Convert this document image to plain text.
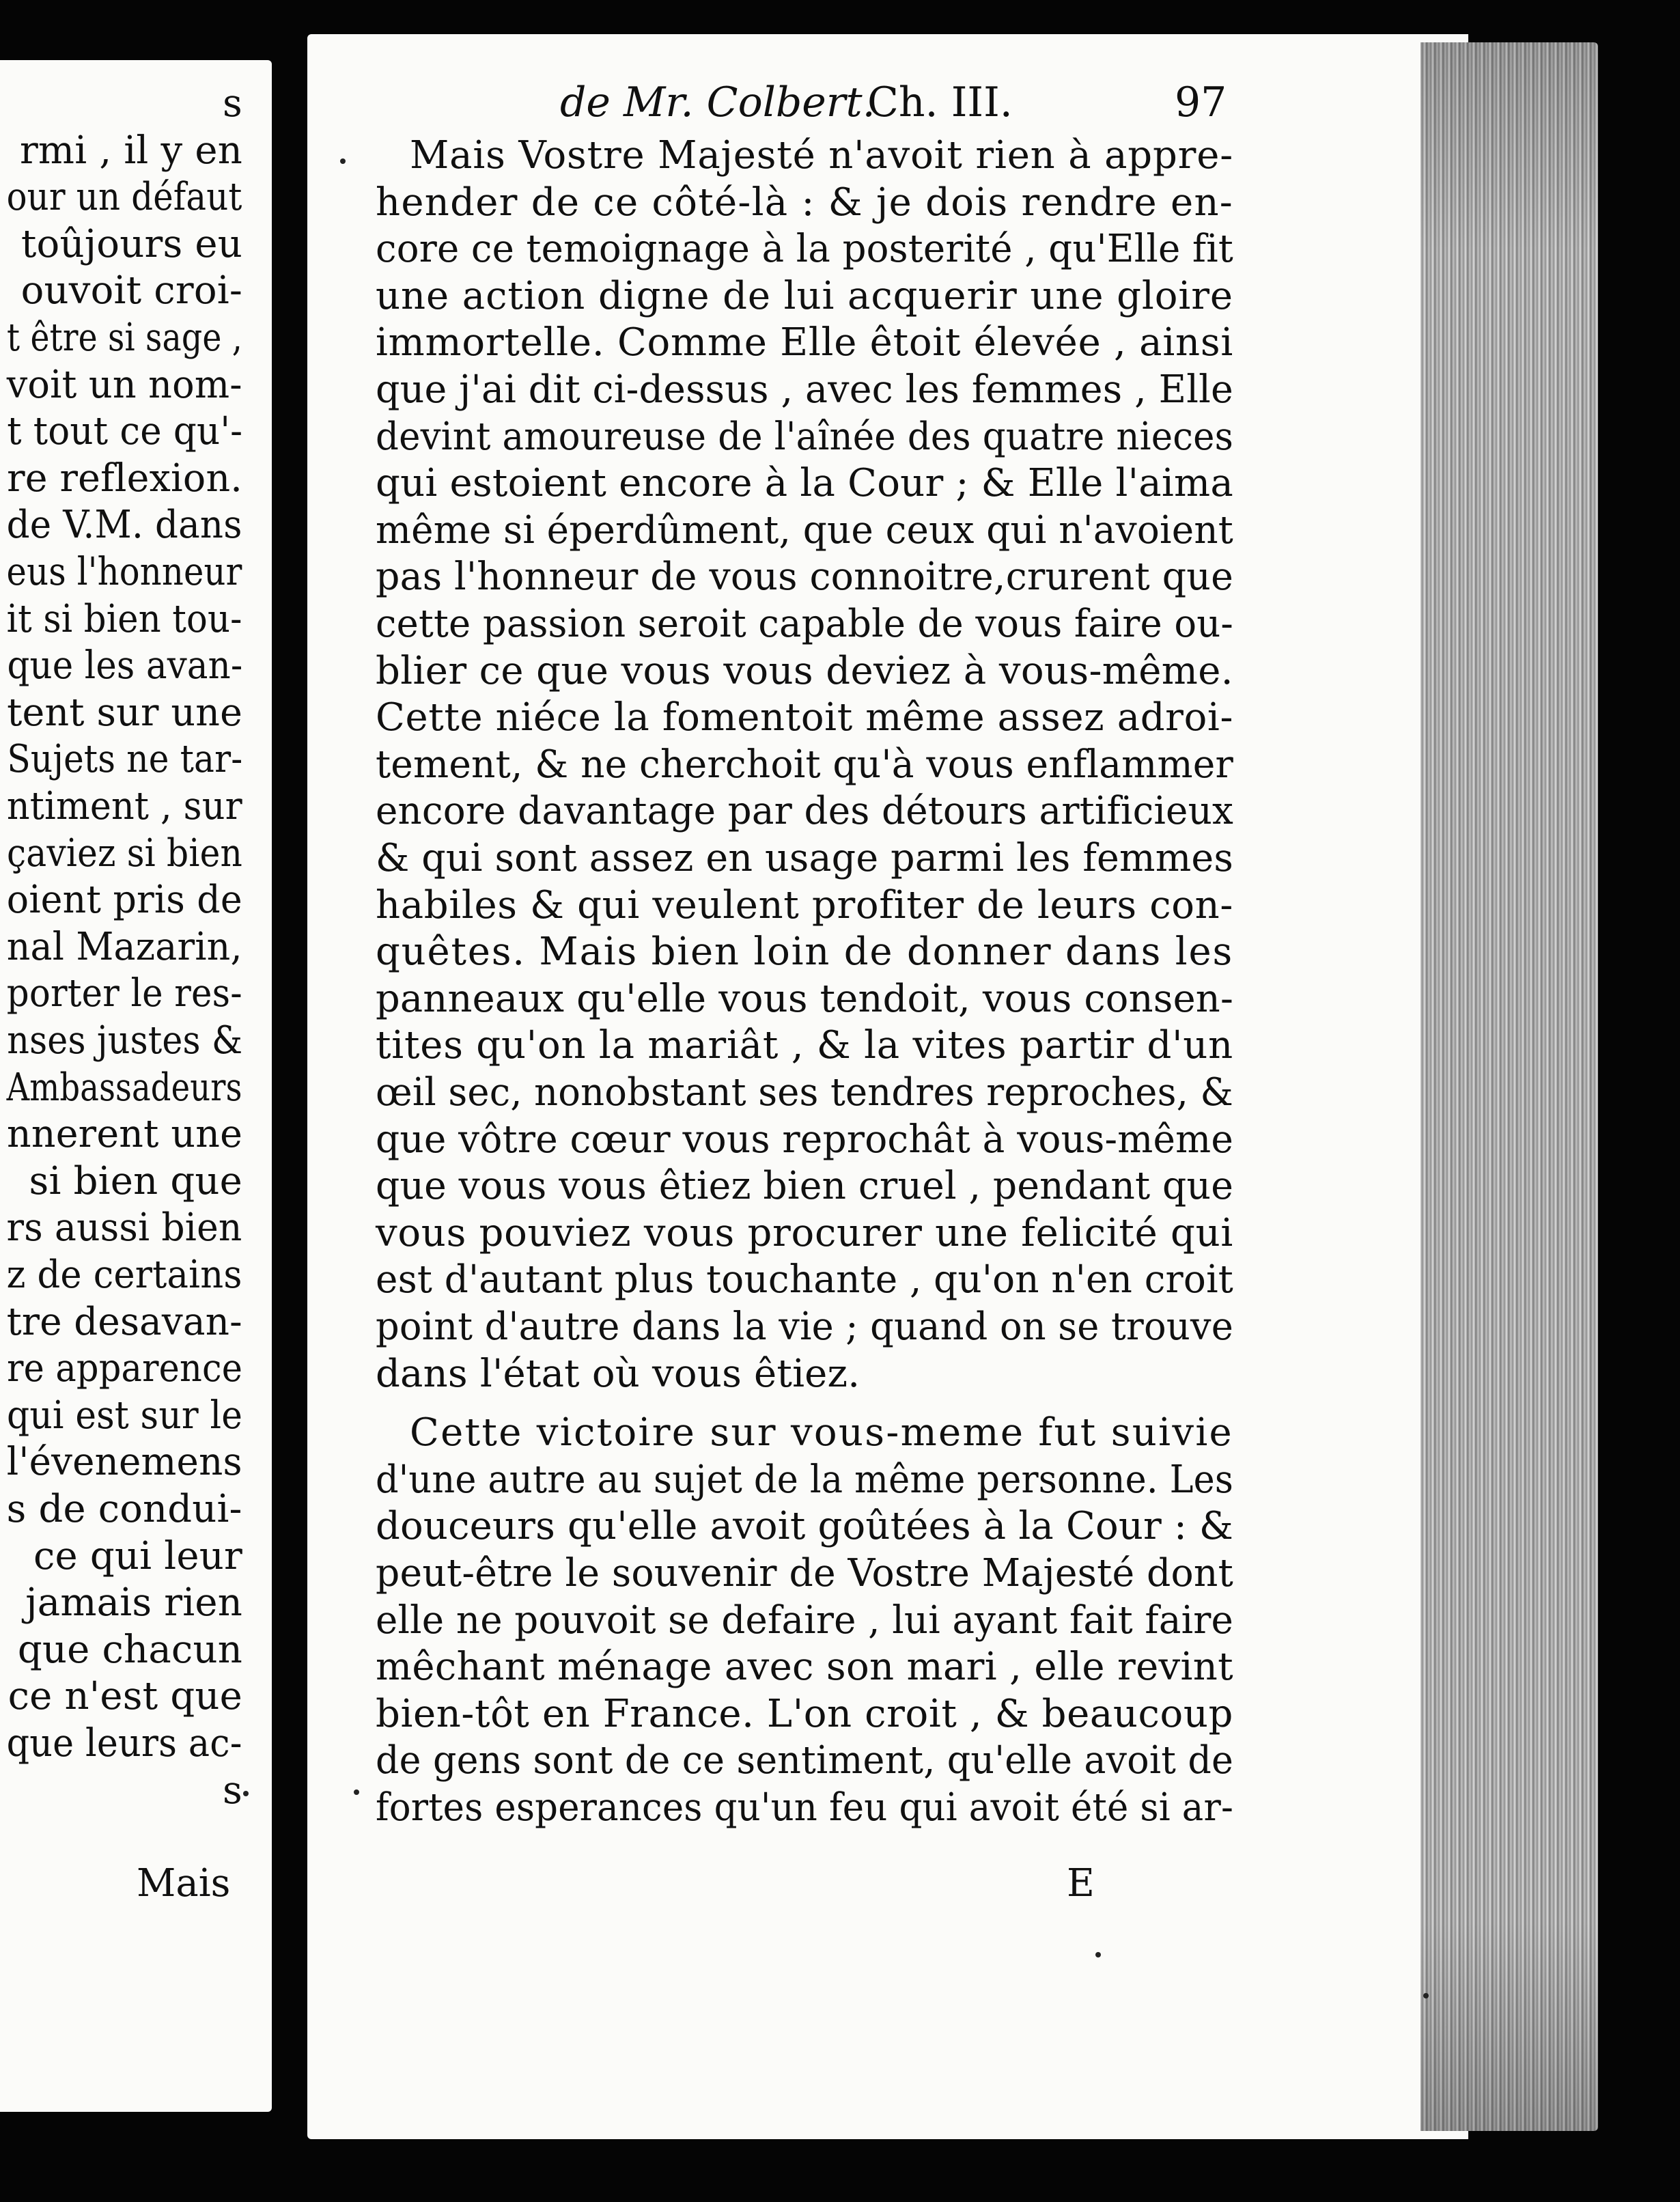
de Mr. Colbert.
Ch. III.	97
s
rmi , il y en
our un défaut
toûjours eu
ouvoit croi-
t être si sage ,
voit un nom-
t tout ce qu'-
re reflexion.
de V.M. dans
eus l'honneur
it si bien tou-
que les avan-
tent sur une
Sujets ne tar-
ntiment , sur
çaviez si bien
oient pris de
nal Mazarin,
porter le res-
nses justes &
Ambassadeurs
nnerent une
si bien que
rs aussi bien
z de certains
tre desavan-
re apparence
qui est sur le
l'évenemens
s de condui-
ce qui leur
jamais rien
que chacun
ce n'est que
que leurs ac-
s
Mais Vostre Majesté n'avoit rien à appre-
hender de ce côté-là : & je dois rendre en-
core ce temoignage à la posterité , qu'Elle fit
une action digne de lui acquerir une gloire
immortelle. Comme Elle êtoit élevée , ainsi
que j'ai dit ci-dessus , avec les femmes , Elle
devint amoureuse de l'aînée des quatre nieces
qui estoient encore à la Cour ; & Elle l'aima
même si éperdûment, que ceux qui n'avoient
pas l'honneur de vous connoitre,crurent que
cette passion seroit capable de vous faire ou-
blier ce que vous vous deviez à vous-même.
Cette niéce la fomentoit même assez adroi-
tement, & ne cherchoit qu'à vous enflammer
encore davantage par des détours artificieux
& qui sont assez en usage parmi les femmes
habiles & qui veulent profiter de leurs con-
quêtes. Mais bien loin de donner dans les
panneaux qu'elle vous tendoit, vous consen-
tites qu'on la mariât , & la vites partir d'un
œil sec, nonobstant ses tendres reproches, &
que vôtre cœur vous reprochât à vous-même
que vous vous êtiez bien cruel , pendant que
vous pouviez vous procurer une felicité qui
est d'autant plus touchante , qu'on n'en croit
point d'autre dans la vie ; quand on se trouve
dans l'état où vous êtiez.
Cette victoire sur vous-meme fut suivie
d'une autre au sujet de la même personne. Les
douceurs qu'elle avoit goûtées à la Cour : &
peut-être le souvenir de Vostre Majesté dont
elle ne pouvoit se defaire , lui ayant fait faire
mêchant ménage avec son mari , elle revint
bien-tôt en France. L'on croit , & beaucoup
de gens sont de ce sentiment, qu'elle avoit de
fortes esperances qu'un feu qui avoit été si ar-
Mais	E
